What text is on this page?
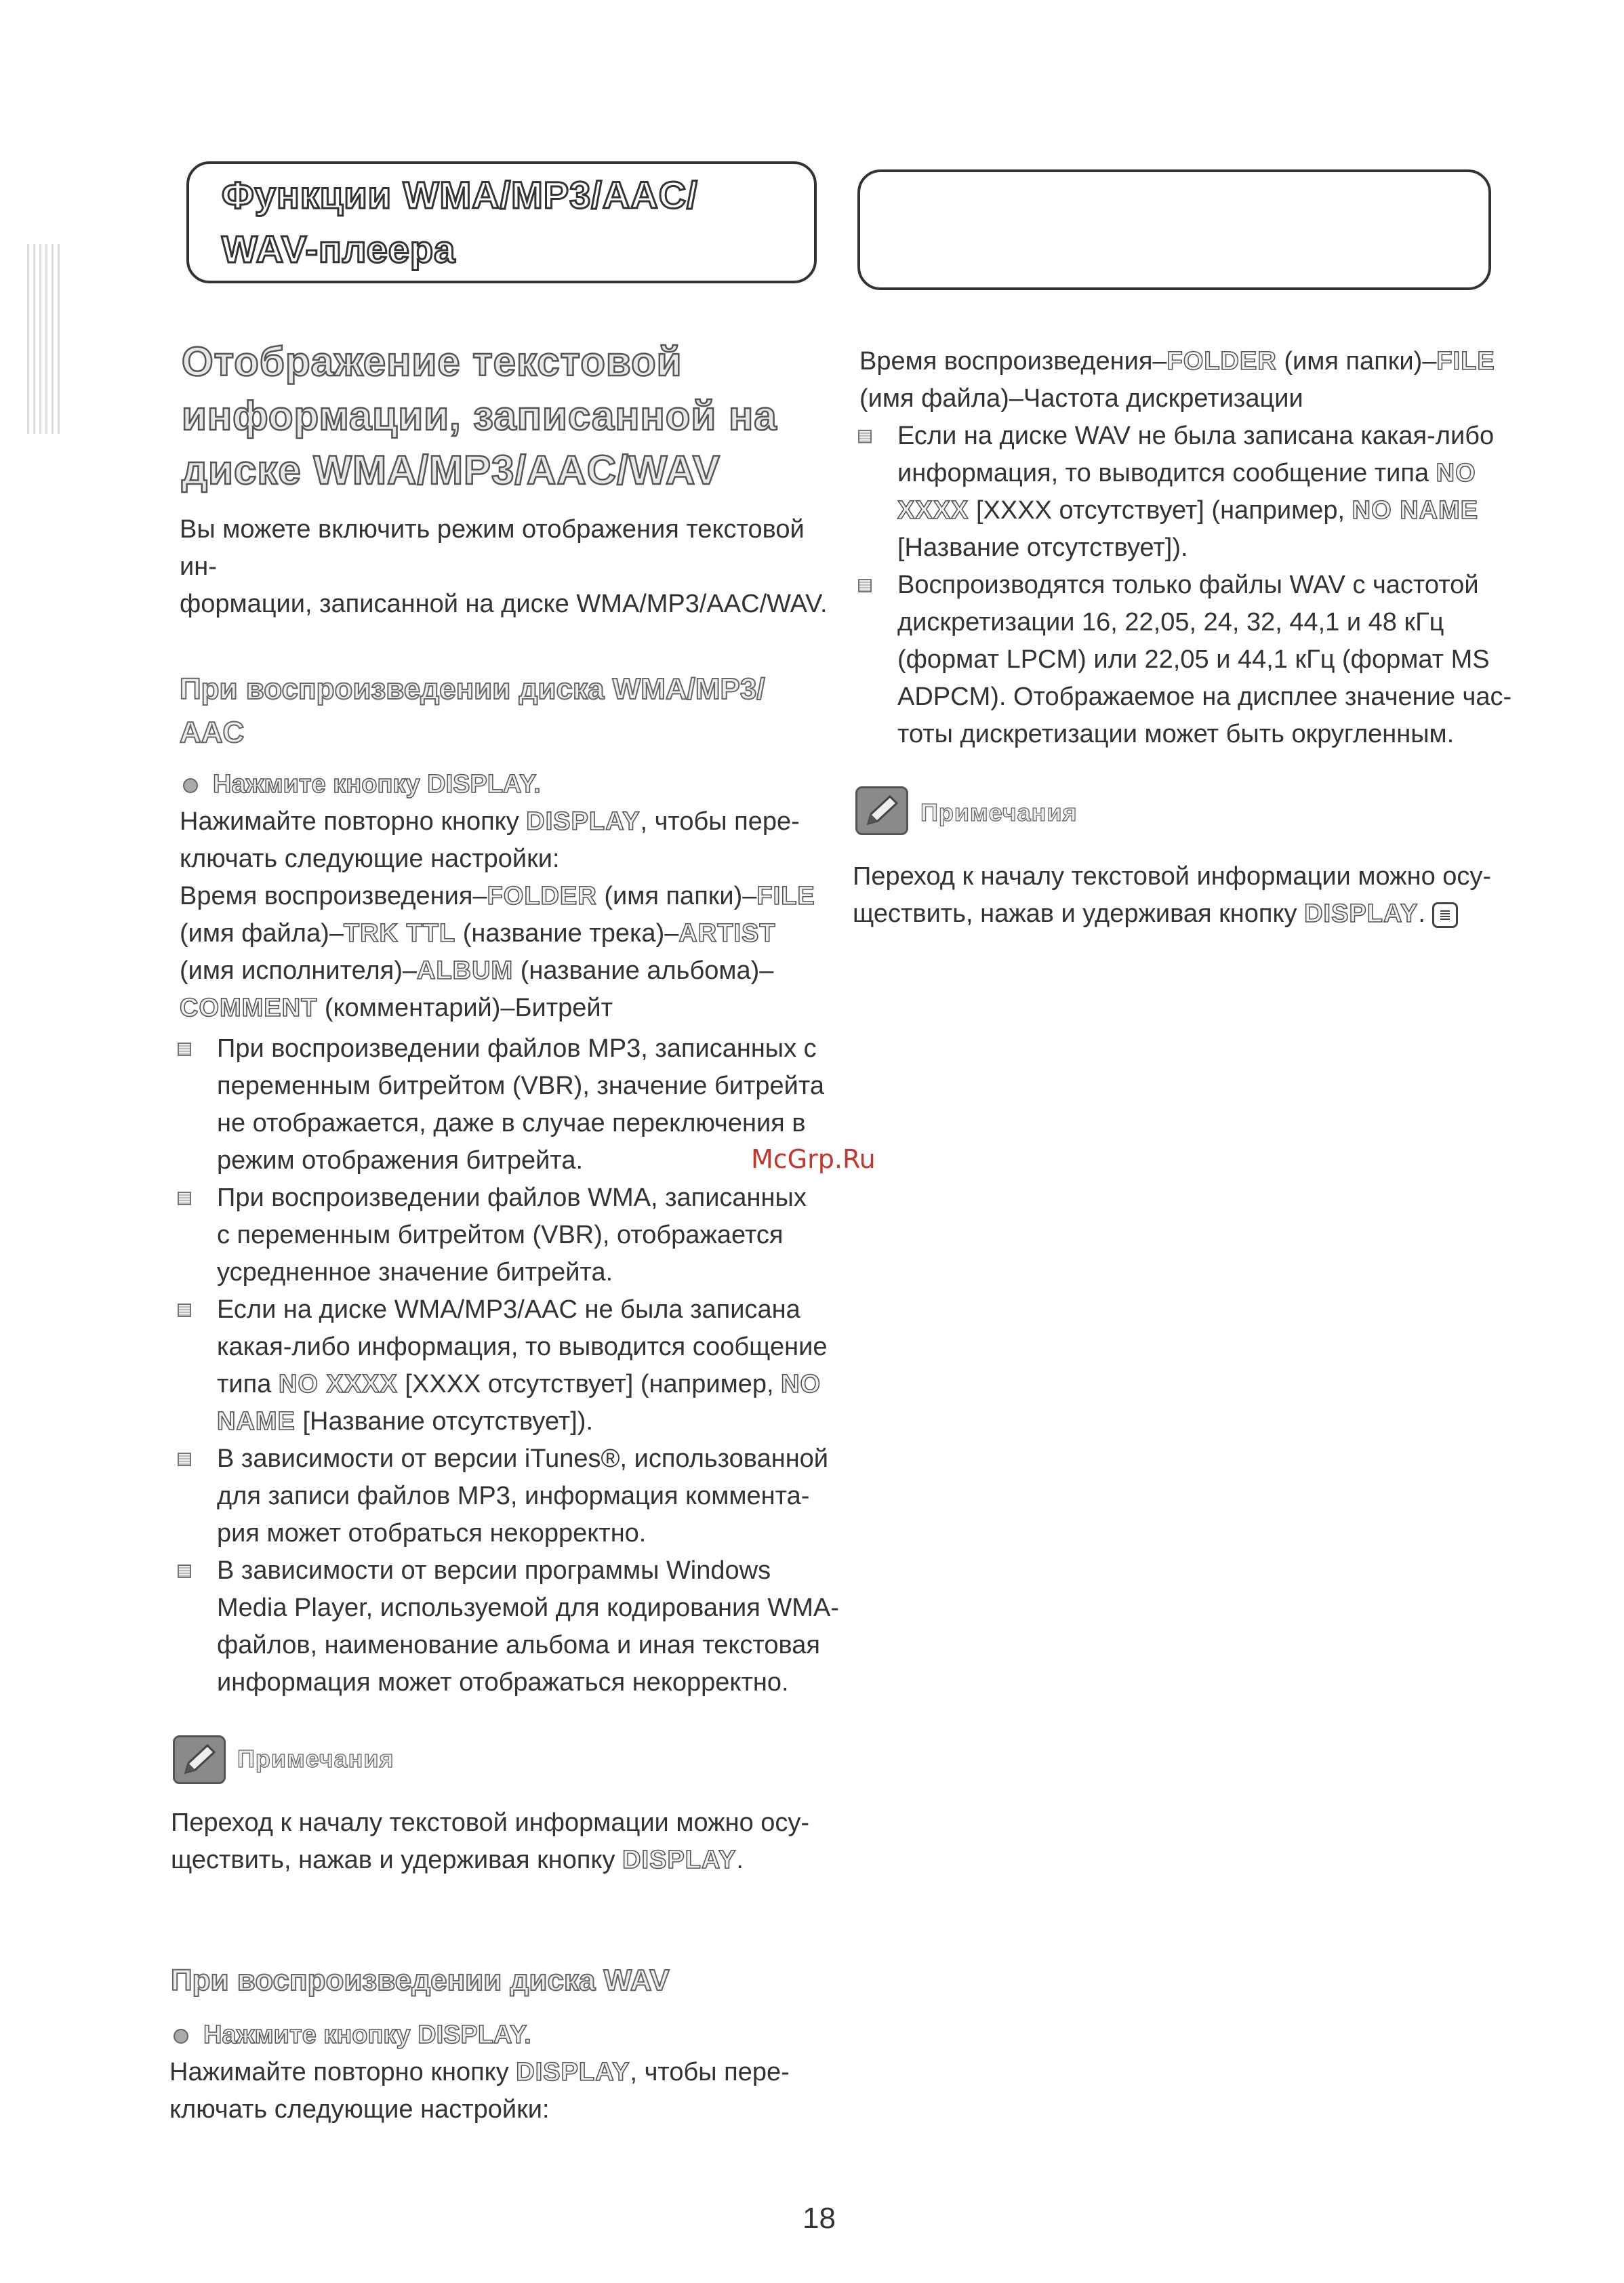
Функции WMA/MP3/AAC/
WAV-плеера
Отображение текстовой
информации, записанной на
диске WMA/MP3/AAC/WAV

Вы можете включить режим отображения текстовой ин-

формации, записанной на диске WMA/MP3/AAC/WAV.

При воспроизведении диска WMA/MP3/
AAC
Нажмите кнопку DISPLAY.

Нажимайте повторно кнопку DISPLAY, чтобы пере-

ключать следующие настройки:

Время воспроизведения–FOLDER (имя папки)–FILE

(имя файла)–TRK TTL (название трека)–ARTIST

(имя исполнителя)–ALBUM (название альбома)–

COMMENT (комментарий)–Битрейт

При воспроизведении файлов MP3, записанных с

переменным битрейтом (VBR), значение битрейта

не отображается, даже в случае переключения в

режим отображения битрейта.

При воспроизведении файлов WMA, записанных

с переменным битрейтом (VBR), отображается

усредненное значение битрейта.

Если на диске WMA/MP3/AAC не была записана

какая-либо информация, то выводится сообщение

типа NO XXXX [XXXX отсутствует] (например, NO

NAME [Название отсутствует]).

В зависимости от версии iTunes®, использованной

для записи файлов MP3, информация коммента-

рия может отобраться некорректно.

В зависимости от версии программы Windows

Media Player, используемой для кодирования WMA-

файлов, наименование альбома и иная текстовая

информация может отображаться некорректно.

Примечания

Переход к началу текстовой информации можно осу-

ществить, нажав и удерживая кнопку DISPLAY.

При воспроизведении диска WAV
Нажмите кнопку DISPLAY.

Нажимайте повторно кнопку DISPLAY, чтобы пере-

ключать следующие настройки:

Время воспроизведения–FOLDER (имя папки)–FILE

(имя файла)–Частота дискретизации

Если на диске WAV не была записана какая-либо

информация, то выводится сообщение типа NO

XXXX [XXXX отсутствует] (например, NO NAME

[Название отсутствует]).

Воспроизводятся только файлы WAV с частотой

дискретизации 16, 22,05, 24, 32, 44,1 и 48 кГц

(формат LPCM) или 22,05 и 44,1 кГц (формат MS

ADPCM). Отображаемое на дисплее значение час-

тоты дискретизации может быть округленным.

Примечания

Переход к началу текстовой информации можно осу-

ществить, нажав и удерживая кнопку DISPLAY.

McGrp.Ru
18
